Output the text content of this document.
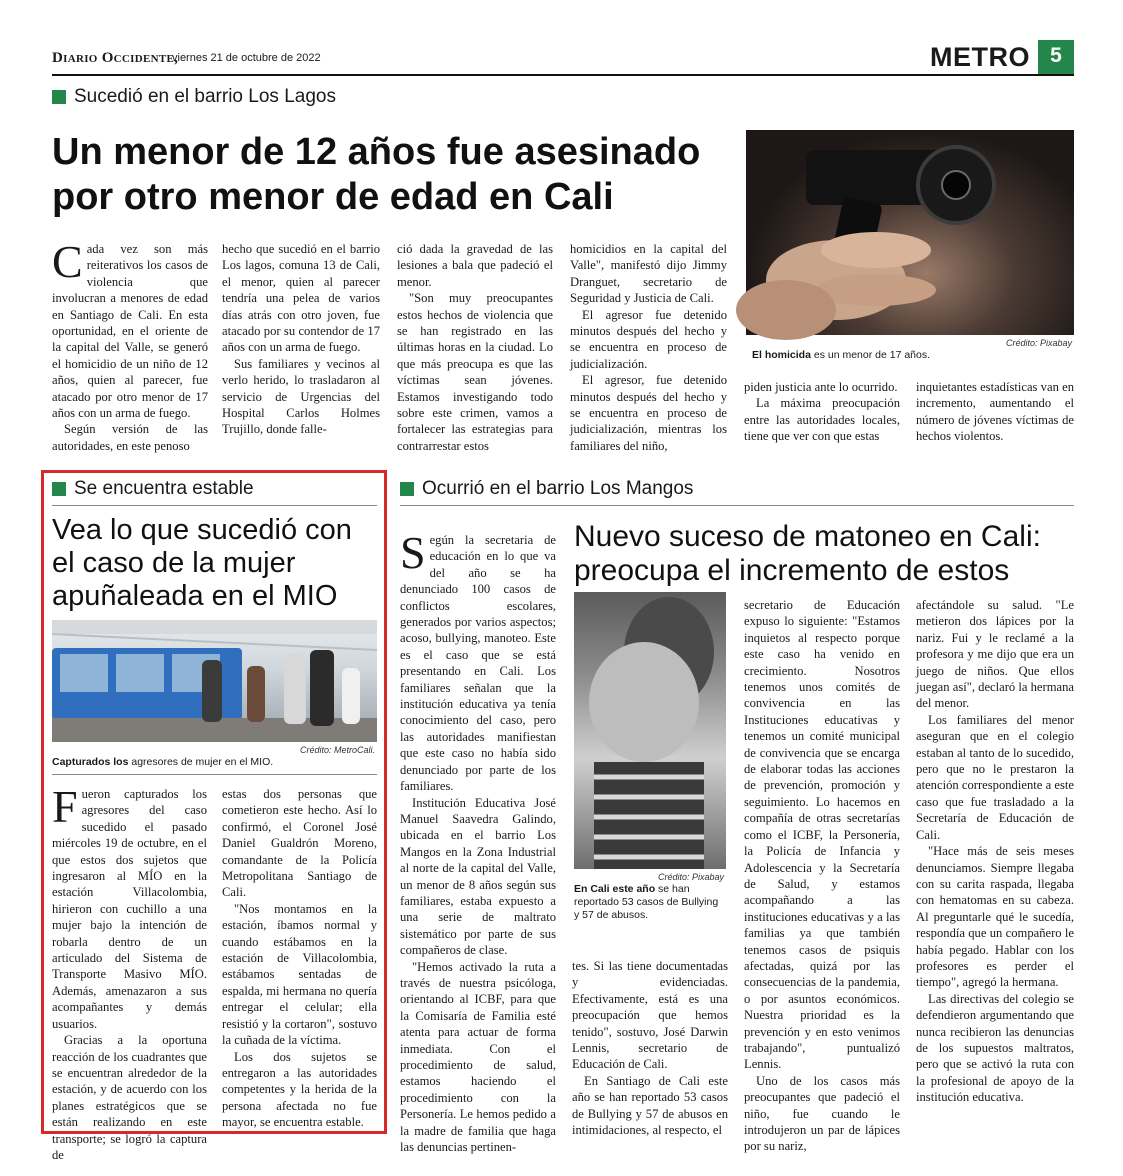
Diario Occidente,
viernes 21 de octubre de 2022	METRO 5
Sucedió en el barrio Los Lagos
Un menor de 12 años fue asesinado por otro menor de edad en Cali
Crédito: Pixabay
El homicida es un menor de 17 años.
C ada vez son más reiterativos los casos de violencia que involucran a menores de edad en Santiago de Cali. En esta oportunidad, en el oriente de la capital del Valle, se generó el homicidio de un niño de 12 años, quien al parecer, fue atacado por otro menor de 17 años con un arma de fuego.

Según versión de las autoridades, en este penoso

hecho que sucedió en el barrio Los lagos, comuna 13 de Cali, el menor, quien al parecer tendría una pelea de varios días atrás con otro joven, fue atacado por su contendor de 17 años con un arma de fuego.

Sus familiares y vecinos al verlo herido, lo trasladaron al servicio de Urgencias del Hospital Carlos Holmes Trujillo, donde falle-

ció dada la gravedad de las lesiones a bala que padeció el menor.

"Son muy preocupantes estos hechos de violencia que se han registrado en las últimas horas en la ciudad. Lo que más preocupa es que las víctimas sean jóvenes. Estamos investigando todo sobre este crimen, vamos a fortalecer las estrategias para contrarrestar estos

homicidios en la capital del Valle", manifestó dijo Jimmy Dranguet, secretario de Seguridad y Justicia de Cali.

El agresor fue detenido minutos después del hecho y se encuentra en proceso de judicialización.

El agresor, fue detenido minutos después del hecho y se encuentra en proceso de judicialización, mientras los familiares del niño,

piden justicia ante lo ocurrido.

La máxima preocupación entre las autoridades locales, tiene que ver con que estas

inquietantes estadísticas van en incremento, aumentando el número de jóvenes víctimas de hechos violentos.

Se encuentra estable
Vea lo que sucedió con el caso de la mujer apuñaleada en el MIO
Crédito: MetroCali.
Capturados los agresores de mujer en el MIO.
F ueron capturados los agresores del caso sucedido el pasado miércoles 19 de octubre, en el que estos dos sujetos que ingresaron al MÍO en la estación Villacolombia, hirieron con cuchillo a una mujer bajo la intención de robarla dentro de un articulado del Sistema de Transporte Masivo MÍO. Además, amenazaron a sus acompañantes y demás usuarios.

Gracias a la oportuna reacción de los cuadrantes que se encuentran alrededor de la estación, y de acuerdo con los planes estratégicos que se están realizando en este transporte; se logró la captura de

estas dos personas que cometieron este hecho. Así lo confirmó, el Coronel José Daniel Gualdrón Moreno, comandante de la Policía Metropolitana Santiago de Cali.

"Nos montamos en la estación, íbamos normal y cuando estábamos en la estación de Villacolombia, estábamos sentadas de espalda, mi hermana no quería entregar el celular; ella resistió y la cortaron", sostuvo la cuñada de la víctima.

Los dos sujetos se entregaron a las autoridades competentes y la herida de la persona afectada no fue mayor, se encuentra estable.

Ocurrió en el barrio Los Mangos
Nuevo suceso de matoneo en Cali: preocupa el incremento de estos
S egún la secretaria de educación en lo que va del año se ha denunciado 100 casos de conflictos escolares, generados por varios aspectos; acoso, bullying, manoteo. Este es el caso que se está presentando en Cali. Los familiares señalan que la institución educativa ya tenía conocimiento del caso, pero las autoridades manifiestan que este caso no había sido denunciado por parte de los familiares.

Institución Educativa José Manuel Saavedra Galindo, ubicada en el barrio Los Mangos en la Zona Industrial al norte de la capital del Valle, un menor de 8 años según sus familiares, estaba expuesto a una serie de maltrato sistemático por parte de sus compañeros de clase.

"Hemos activado la ruta a través de nuestra psicóloga, orientando al ICBF, para que la Comisaría de Familia esté atenta para actuar de forma inmediata. Con el procedimiento de salud, estamos haciendo el procedimiento con la Personería. Le hemos pedido a la madre de familia que haga las denuncias pertinen-

Crédito: Pixabay
En Cali este año se han reportado 53 casos de Bullying y 57 de abusos.

tes. Si las tiene documentadas y evidenciadas. Efectivamente, está es una preocupación que hemos tenido", sostuvo, José Darwin Lennis, secretario de Educación de Cali.

En Santiago de Cali este año se han reportado 53 casos de Bullying y 57 de abusos en intimidaciones, al respecto, el

secretario de Educación expuso lo siguiente: "Estamos inquietos al respecto porque este caso ha venido en crecimiento. Nosotros tenemos unos comités de convivencia en las Instituciones educativas y tenemos un comité municipal de convivencia que se encarga de elaborar todas las acciones de prevención, promoción y seguimiento. Lo hacemos en compañía de otras secretarías como el ICBF, la Personería, la Policía de Infancia y Adolescencia y la Secretaría de Salud, y estamos acompañando a las instituciones educativas y a las familias ya que también tenemos casos de psiquis afectadas, quizá por las consecuencias de la pandemia, o por asuntos económicos. Nuestra prioridad es la prevención y en esto venimos trabajando", puntualizó Lennis.

Uno de los casos más preocupantes que padeció el niño, fue cuando le introdujeron un par de lápices por su nariz,

afectándole su salud. "Le metieron dos lápices por la nariz. Fui y le reclamé a la profesora y me dijo que era un juego de niños. Que ellos juegan así", declaró la hermana del menor.

Los familiares del menor aseguran que en el colegio estaban al tanto de lo sucedido, pero que no le prestaron la atención correspondiente a este caso que fue trasladado a la Secretaría de Educación de Cali.

"Hace más de seis meses denunciamos. Siempre llegaba con su carita raspada, llegaba con hematomas en su cabeza. Al preguntarle qué le sucedía, respondía que un compañero le había pegado. Hablar con los profesores es perder el tiempo", agregó la hermana.

Las directivas del colegio se defendieron argumentando que nunca recibieron las denuncias de los supuestos maltratos, pero que se activó la ruta con la profesional de apoyo de la institución educativa.
